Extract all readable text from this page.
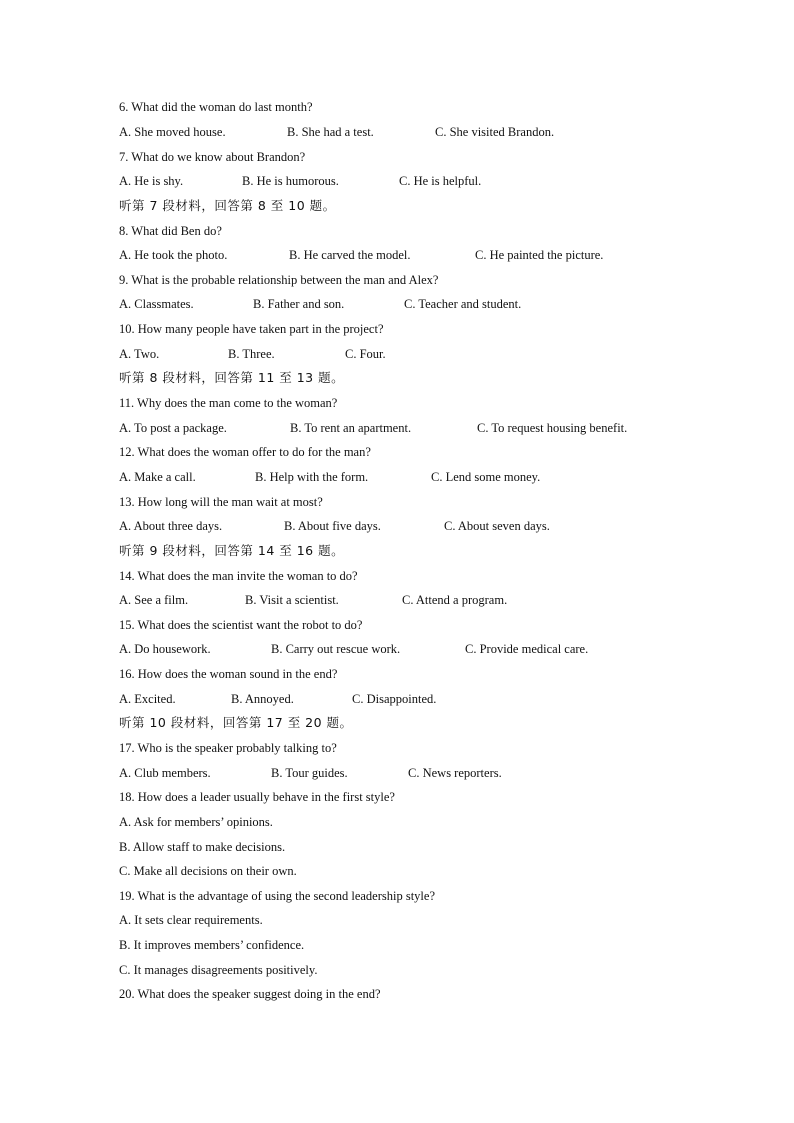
6. What did the woman do last month?
A. She moved house.	B. She had a test.	C. She visited Brandon.
7. What do we know about Brandon?
A. He is shy.	B. He is humorous.	C. He is helpful.
听第 7 段材料，回答第 8 至 10 题。
8. What did Ben do?
A. He took the photo.	B. He carved the model.	C. He painted the picture.
9. What is the probable relationship between the man and Alex?
A. Classmates.	B. Father and son.	C. Teacher and student.
10. How many people have taken part in the project?
A. Two.	B. Three.	C. Four.
听第 8 段材料，回答第 11 至 13 题。
11. Why does the man come to the woman?
A. To post a package.	B. To rent an apartment.	C. To request housing benefit.
12. What does the woman offer to do for the man?
A. Make a call.	B. Help with the form.	C. Lend some money.
13. How long will the man wait at most?
A. About three days.	B. About five days.	C. About seven days.
听第 9 段材料，回答第 14 至 16 题。
14. What does the man invite the woman to do?
A. See a film.	B. Visit a scientist.	C. Attend a program.
15. What does the scientist want the robot to do?
A. Do housework.	B. Carry out rescue work.	C. Provide medical care.
16. How does the woman sound in the end?
A. Excited.	B. Annoyed.	C. Disappointed.
听第 10 段材料，回答第 17 至 20 题。
17. Who is the speaker probably talking to?
A. Club members.	B. Tour guides.	C. News reporters.
18. How does a leader usually behave in the first style?
A. Ask for members’ opinions.
B. Allow staff to make decisions.
C. Make all decisions on their own.
19. What is the advantage of using the second leadership style?
A. It sets clear requirements.
B. It improves members’ confidence.
C. It manages disagreements positively.
20. What does the speaker suggest doing in the end?
